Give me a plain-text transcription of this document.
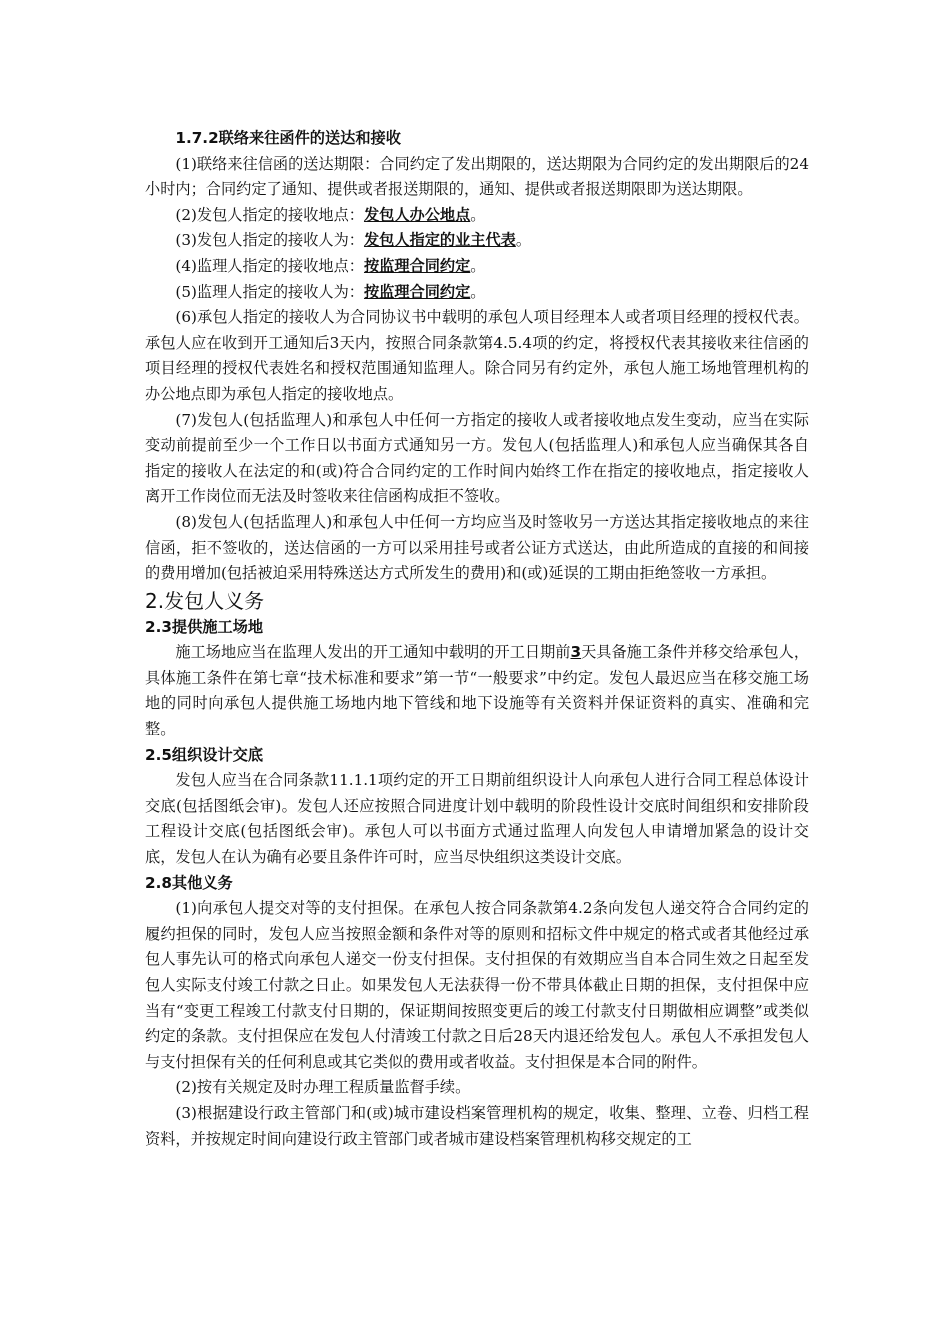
1.7.2联络来往函件的送达和接收

(1)联络来往信函的送达期限：合同约定了发出期限的，送达期限为合同约定的发出期限后的24小时内；合同约定了通知、提供或者报送期限的，通知、提供或者报送期限即为送达期限。

(2)发包人指定的接收地点：发包人办公地点。

(3)发包人指定的接收人为：发包人指定的业主代表。

(4)监理人指定的接收地点：按监理合同约定。

(5)监理人指定的接收人为：按监理合同约定。

(6)承包人指定的接收人为合同协议书中载明的承包人项目经理本人或者项目经理的授权代表。承包人应在收到开工通知后3天内，按照合同条款第4.5.4项的约定，将授权代表其接收来往信函的项目经理的授权代表姓名和授权范围通知监理人。除合同另有约定外，承包人施工场地管理机构的办公地点即为承包人指定的接收地点。

(7)发包人(包括监理人)和承包人中任何一方指定的接收人或者接收地点发生变动，应当在实际变动前提前至少一个工作日以书面方式通知另一方。发包人(包括监理人)和承包人应当确保其各自指定的接收人在法定的和(或)符合合同约定的工作时间内始终工作在指定的接收地点，指定接收人离开工作岗位而无法及时签收来往信函构成拒不签收。

(8)发包人(包括监理人)和承包人中任何一方均应当及时签收另一方送达其指定接收地点的来往信函，拒不签收的，送达信函的一方可以采用挂号或者公证方式送达，由此所造成的直接的和间接的费用增加(包括被迫采用特殊送达方式所发生的费用)和(或)延误的工期由拒绝签收一方承担。

2.发包人义务

2.3提供施工场地

施工场地应当在监理人发出的开工通知中载明的开工日期前3天具备施工条件并移交给承包人，具体施工条件在第七章“技术标准和要求”第一节“一般要求”中约定。发包人最迟应当在移交施工场地的同时向承包人提供施工场地内地下管线和地下设施等有关资料并保证资料的真实、准确和完整。

2.5组织设计交底

发包人应当在合同条款11.1.1项约定的开工日期前组织设计人向承包人进行合同工程总体设计交底(包括图纸会审)。发包人还应按照合同进度计划中载明的阶段性设计交底时间组织和安排阶段工程设计交底(包括图纸会审)。承包人可以书面方式通过监理人向发包人申请增加紧急的设计交底，发包人在认为确有必要且条件许可时，应当尽快组织这类设计交底。

2.8其他义务

(1)向承包人提交对等的支付担保。在承包人按合同条款第4.2条向发包人递交符合合同约定的履约担保的同时，发包人应当按照金额和条件对等的原则和招标文件中规定的格式或者其他经过承包人事先认可的格式向承包人递交一份支付担保。支付担保的有效期应当自本合同生效之日起至发包人实际支付竣工付款之日止。如果发包人无法获得一份不带具体截止日期的担保，支付担保中应当有“变更工程竣工付款支付日期的，保证期间按照变更后的竣工付款支付日期做相应调整”或类似约定的条款。支付担保应在发包人付清竣工付款之日后28天内退还给发包人。承包人不承担发包人与支付担保有关的任何利息或其它类似的费用或者收益。支付担保是本合同的附件。

(2)按有关规定及时办理工程质量监督手续。

(3)根据建设行政主管部门和(或)城市建设档案管理机构的规定，收集、整理、立卷、归档工程资料，并按规定时间向建设行政主管部门或者城市建设档案管理机构移交规定的工
